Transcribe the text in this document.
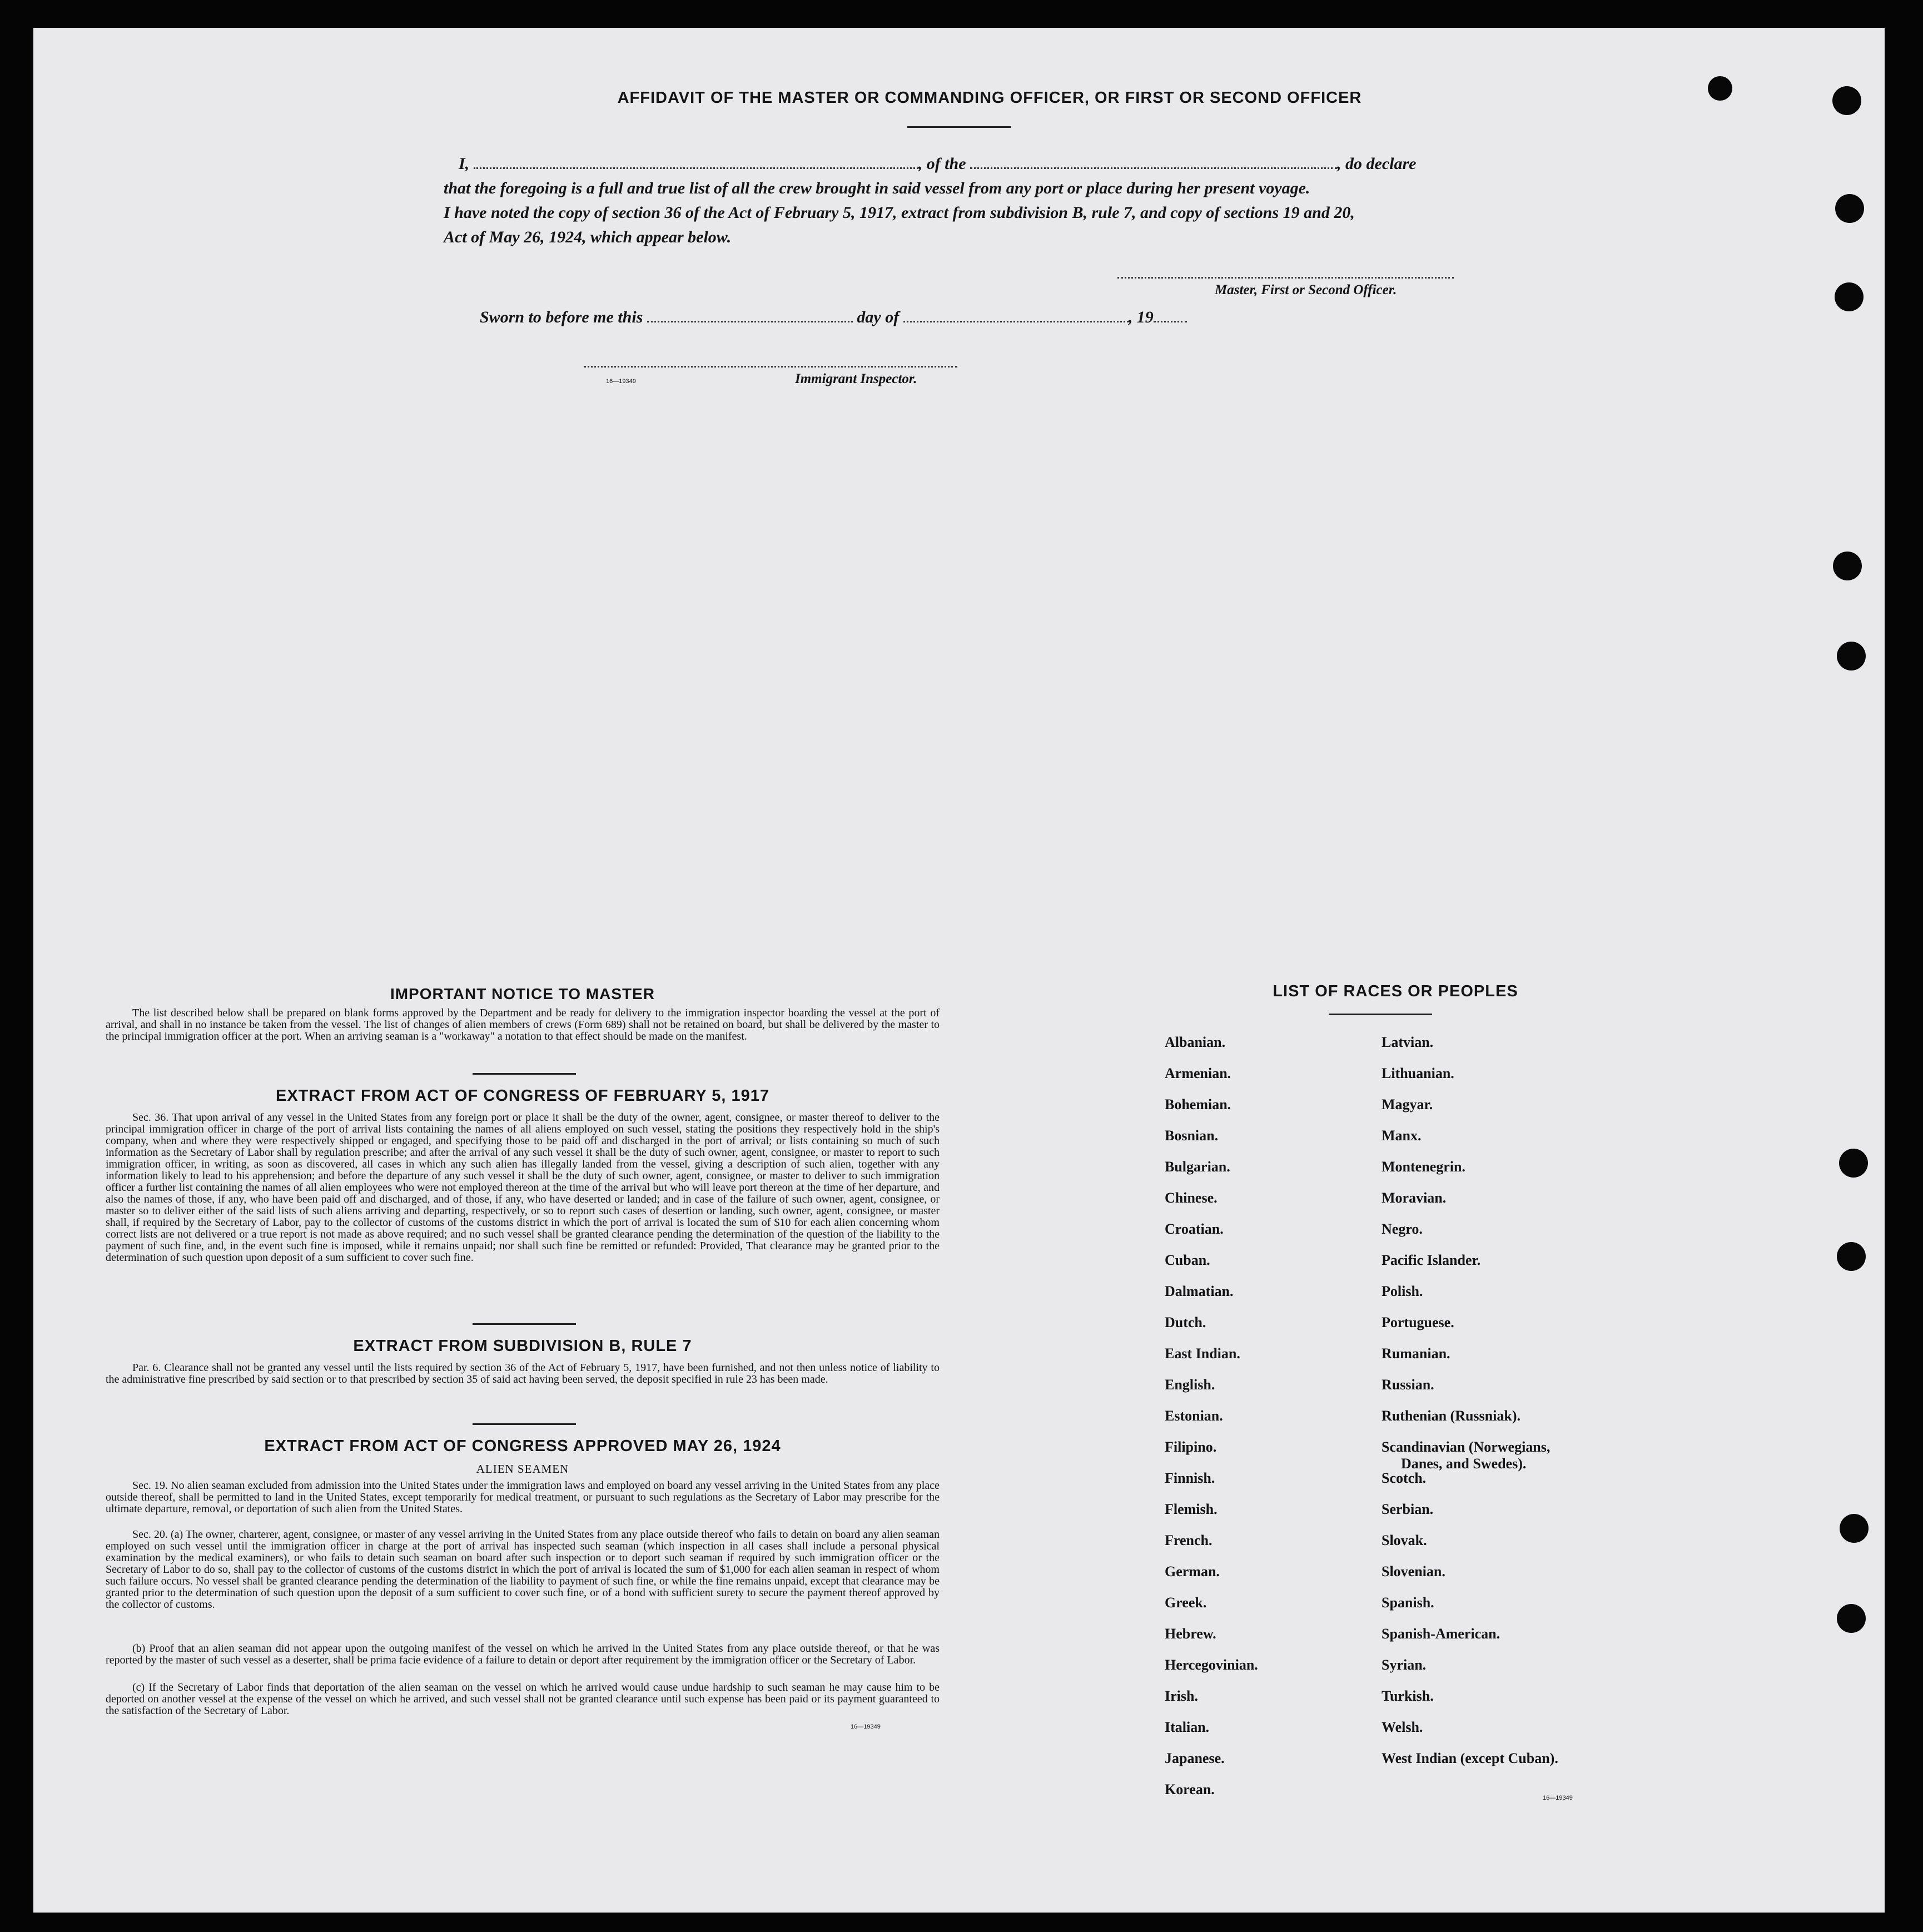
AFFIDAVIT OF THE MASTER OR COMMANDING OFFICER, OR FIRST OR SECOND OFFICER
I,	, of the	, do declare
that the foregoing is a full and true list of all the crew brought in said vessel from any port or place during her present voyage.
I have noted the copy of section 36 of the Act of February 5, 1917, extract from subdivision B, rule 7, and copy of sections 19 and 20,
Act of May 26, 1924, which appear below.
Master, First or Second Officer.
Sworn to before me this	day of	, 19
16—19349	Immigrant Inspector.
IMPORTANT NOTICE TO MASTER

The list described below shall be prepared on blank forms approved by the Department and be ready for delivery to the immigration inspector boarding the vessel at the port of arrival, and shall in no instance be taken from the vessel. The list of changes of alien members of crews (Form 689) shall not be retained on board, but shall be delivered by the master to the principal immigration officer at the port. When an arriving seaman is a "workaway" a notation to that effect should be made on the manifest.

EXTRACT FROM ACT OF CONGRESS OF FEBRUARY 5, 1917

Sec. 36. That upon arrival of any vessel in the United States from any foreign port or place it shall be the duty of the owner, agent, consignee, or master thereof to deliver to the principal immigration officer in charge of the port of arrival lists containing the names of all aliens employed on such vessel, stating the positions they respectively hold in the ship's company, when and where they were respectively shipped or engaged, and specifying those to be paid off and discharged in the port of arrival; or lists containing so much of such information as the Secretary of Labor shall by regulation prescribe; and after the arrival of any such vessel it shall be the duty of such owner, agent, consignee, or master to report to such immigration officer, in writing, as soon as discovered, all cases in which any such alien has illegally landed from the vessel, giving a description of such alien, together with any information likely to lead to his apprehension; and before the departure of any such vessel it shall be the duty of such owner, agent, consignee, or master to deliver to such immigration officer a further list containing the names of all alien employees who were not employed thereon at the time of the arrival but who will leave port thereon at the time of her departure, and also the names of those, if any, who have been paid off and discharged, and of those, if any, who have deserted or landed; and in case of the failure of such owner, agent, consignee, or master so to deliver either of the said lists of such aliens arriving and departing, respectively, or so to report such cases of desertion or landing, such owner, agent, consignee, or master shall, if required by the Secretary of Labor, pay to the collector of customs of the customs district in which the port of arrival is located the sum of $10 for each alien concerning whom correct lists are not delivered or a true report is not made as above required; and no such vessel shall be granted clearance pending the determination of the question of the liability to the payment of such fine, and, in the event such fine is imposed, while it remains unpaid; nor shall such fine be remitted or refunded: Provided, That clearance may be granted prior to the determination of such question upon deposit of a sum sufficient to cover such fine.

EXTRACT FROM SUBDIVISION B, RULE 7

Par. 6. Clearance shall not be granted any vessel until the lists required by section 36 of the Act of February 5, 1917, have been furnished, and not then unless notice of liability to the administrative fine prescribed by said section or to that prescribed by section 35 of said act having been served, the deposit specified in rule 23 has been made.

EXTRACT FROM ACT OF CONGRESS APPROVED MAY 26, 1924
ALIEN SEAMEN

Sec. 19. No alien seaman excluded from admission into the United States under the immigration laws and employed on board any vessel arriving in the United States from any place outside thereof, shall be permitted to land in the United States, except temporarily for medical treatment, or pursuant to such regulations as the Secretary of Labor may prescribe for the ultimate departure, removal, or deportation of such alien from the United States.

Sec. 20. (a) The owner, charterer, agent, consignee, or master of any vessel arriving in the United States from any place outside thereof who fails to detain on board any alien seaman employed on such vessel until the immigration officer in charge at the port of arrival has inspected such seaman (which inspection in all cases shall include a personal physical examination by the medical examiners), or who fails to detain such seaman on board after such inspection or to deport such seaman if required by such immigration officer or the Secretary of Labor to do so, shall pay to the collector of customs of the customs district in which the port of arrival is located the sum of $1,000 for each alien seaman in respect of whom such failure occurs. No vessel shall be granted clearance pending the determination of the liability to payment of such fine, or while the fine remains unpaid, except that clearance may be granted prior to the determination of such question upon the deposit of a sum sufficient to cover such fine, or of a bond with sufficient surety to secure the payment thereof approved by the collector of customs.

(b) Proof that an alien seaman did not appear upon the outgoing manifest of the vessel on which he arrived in the United States from any place outside thereof, or that he was reported by the master of such vessel as a deserter, shall be prima facie evidence of a failure to detain or deport after requirement by the immigration officer or the Secretary of Labor.

(c) If the Secretary of Labor finds that deportation of the alien seaman on the vessel on which he arrived would cause undue hardship to such seaman he may cause him to be deported on another vessel at the expense of the vessel on which he arrived, and such vessel shall not be granted clearance until such expense has been paid or its payment guaranteed to the satisfaction of the Secretary of Labor.

16—19349
LIST OF RACES OR PEOPLES
Albanian.
Armenian.
Bohemian.
Bosnian.
Bulgarian.
Chinese.
Croatian.
Cuban.
Dalmatian.
Dutch.
East Indian.
English.
Estonian.
Filipino.
Finnish.
Flemish.
French.
German.
Greek.
Hebrew.
Hercegovinian.
Irish.
Italian.
Japanese.
Korean.
Latvian.
Lithuanian.
Magyar.
Manx.
Montenegrin.
Moravian.
Negro.
Pacific Islander.
Polish.
Portuguese.
Rumanian.
Russian.
Ruthenian (Russniak).
Scandinavian (Norwegians,
Danes, and Swedes).
Scotch.
Serbian.
Slovak.
Slovenian.
Spanish.
Spanish-American.
Syrian.
Turkish.
Welsh.
West Indian (except Cuban).
16—19349
